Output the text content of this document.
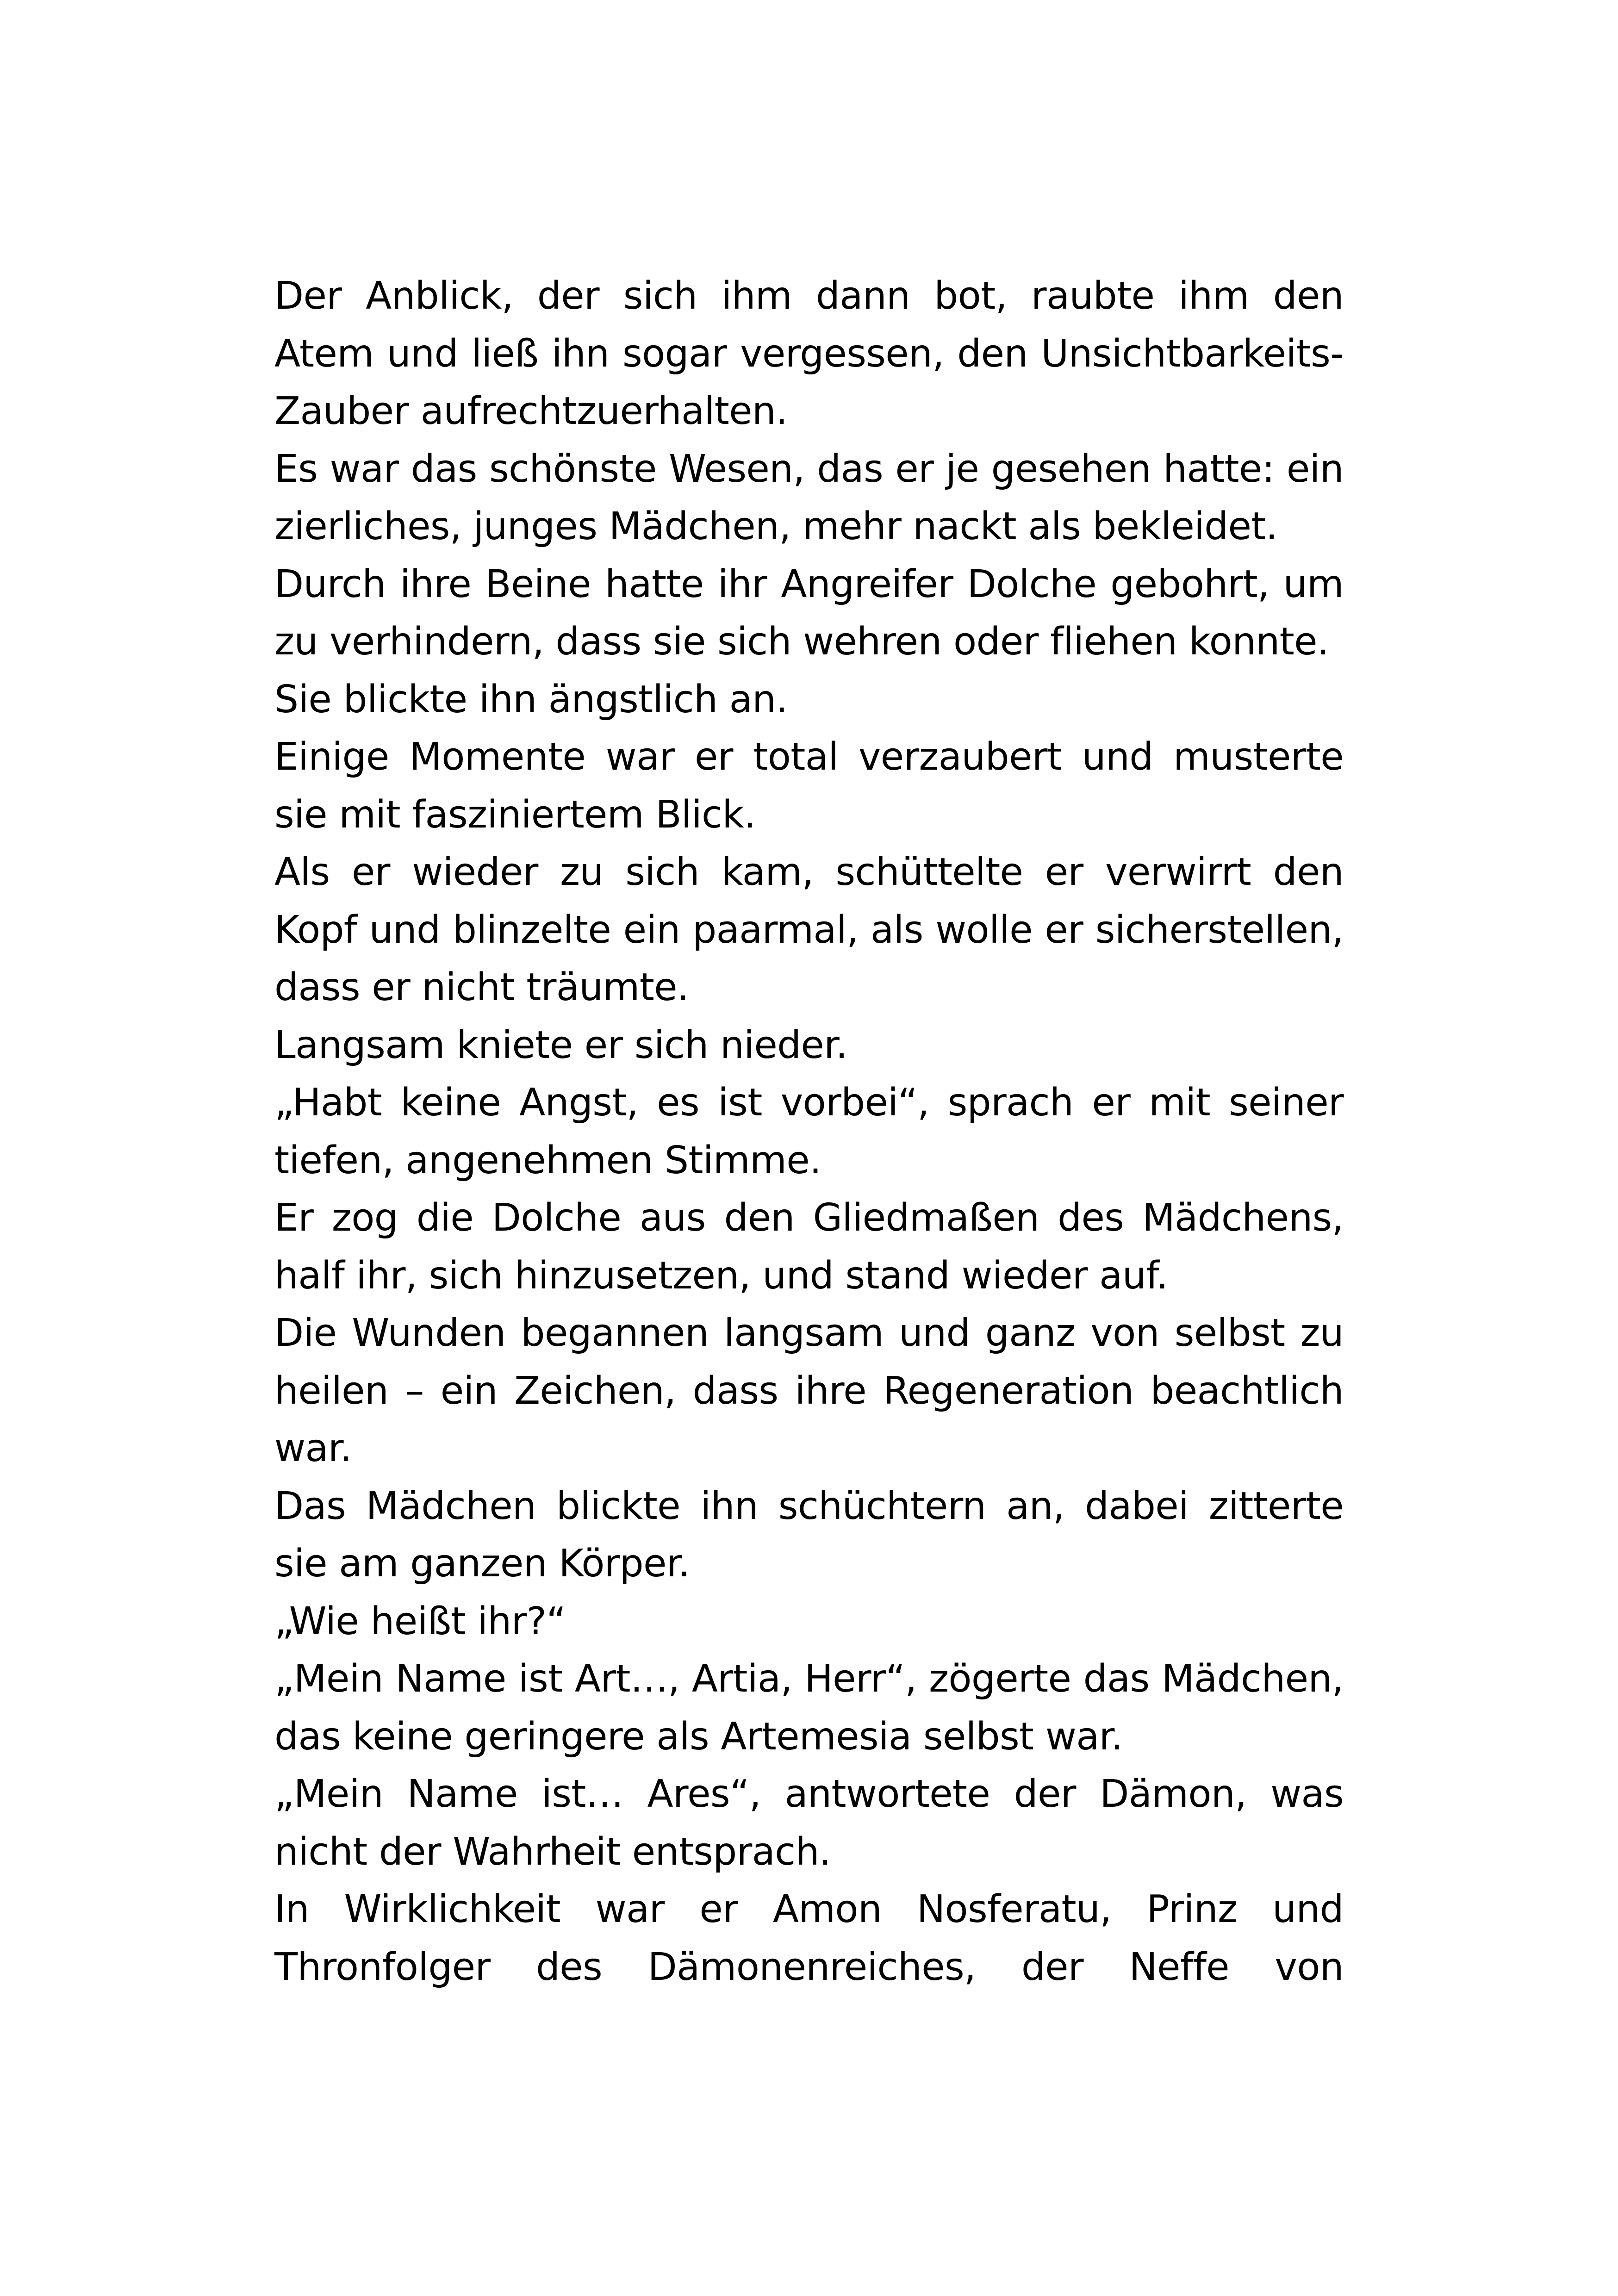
Der Anblick, der sich ihm dann bot, raubte ihm den Atem und ließ ihn sogar vergessen, den Unsichtbarkeits-Zauber aufrechtzuerhalten.

Es war das schönste Wesen, das er je gesehen hatte: ein zierliches, junges Mädchen, mehr nackt als bekleidet.

Durch ihre Beine hatte ihr Angreifer Dolche gebohrt, um zu verhindern, dass sie sich wehren oder fliehen konnte.

Sie blickte ihn ängstlich an.

Einige Momente war er total verzaubert und musterte sie mit fasziniertem Blick.

Als er wieder zu sich kam, schüttelte er verwirrt den Kopf und blinzelte ein paarmal, als wolle er sicherstellen, dass er nicht träumte.

Langsam kniete er sich nieder.

„Habt keine Angst, es ist vorbei“, sprach er mit seiner tiefen, angenehmen Stimme.

Er zog die Dolche aus den Gliedmaßen des Mädchens, half ihr, sich hinzusetzen, und stand wieder auf.

Die Wunden begannen langsam und ganz von selbst zu heilen – ein Zeichen, dass ihre Regeneration beachtlich war.

Das Mädchen blickte ihn schüchtern an, dabei zitterte sie am ganzen Körper.

„Wie heißt ihr?“

„Mein Name ist Art…, Artia, Herr“, zögerte das Mädchen, das keine geringere als Artemesia selbst war.

„Mein Name ist… Ares“, antwortete der Dämon, was nicht der Wahrheit entsprach.

In Wirklichkeit war er Amon Nosferatu, Prinz und Thronfolger des Dämonenreiches, der Neffe von
